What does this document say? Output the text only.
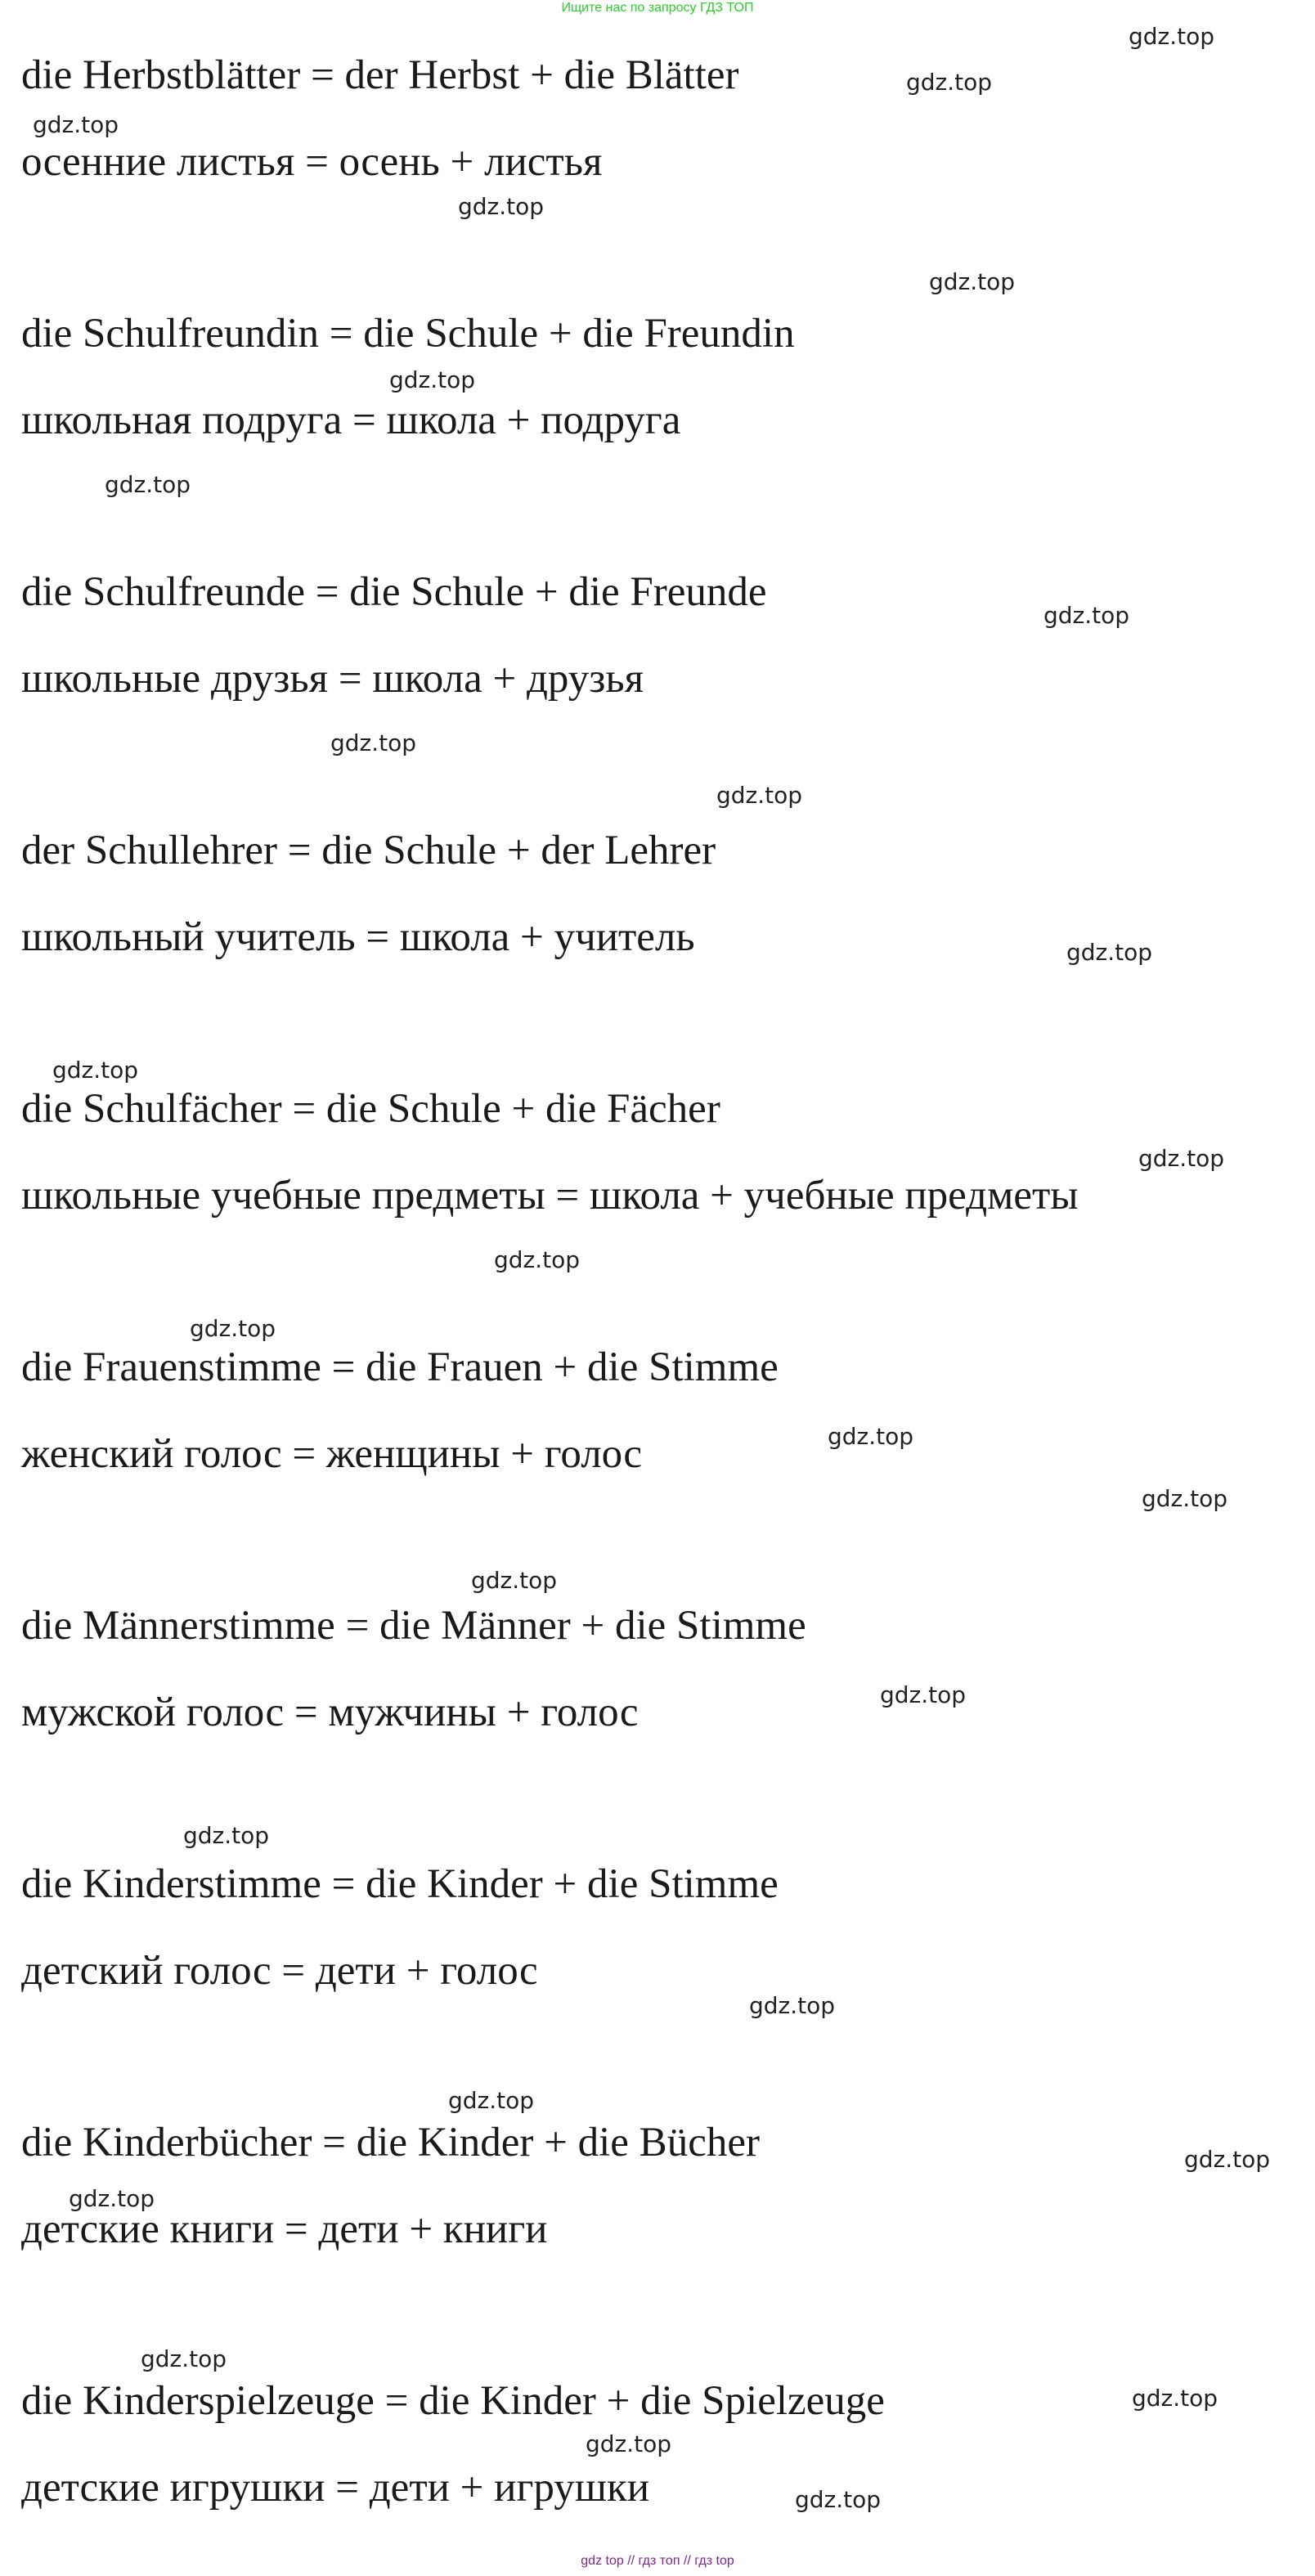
Ищите нас по запросу ГДЗ ТОП
die Herbstblätter = der Herbst + die Blätter
осенние листья = осень + листья
die Schulfreundin = die Schule + die Freundin
школьная подруга = школа + подруга
die Schulfreunde = die Schule + die Freunde
школьные друзья = школа + друзья
der Schullehrer = die Schule + der Lehrer
школьный учитель = школа + учитель
die Schulfächer = die Schule + die Fächer
школьные учебные предметы = школа + учебные предметы
die Frauenstimme = die Frauen + die Stimme
женский голос = женщины + голос
die Männerstimme = die Männer + die Stimme
мужской голос = мужчины + голос
die Kinderstimme = die Kinder + die Stimme
детский голос = дети + голос
die Kinderbücher = die Kinder + die Bücher
детские книги = дети + книги
die Kinderspielzeuge = die Kinder + die Spielzeuge
детские игрушки = дети + игрушки
gdz.top
gdz.top
gdz.top
gdz.top
gdz.top
gdz.top
gdz.top
gdz.top
gdz.top
gdz.top
gdz.top
gdz.top
gdz.top
gdz.top
gdz.top
gdz.top
gdz.top
gdz.top
gdz.top
gdz.top
gdz.top
gdz.top
gdz.top
gdz.top
gdz.top
gdz.top
gdz.top
gdz.top
gdz top // гдз топ // гдз top
